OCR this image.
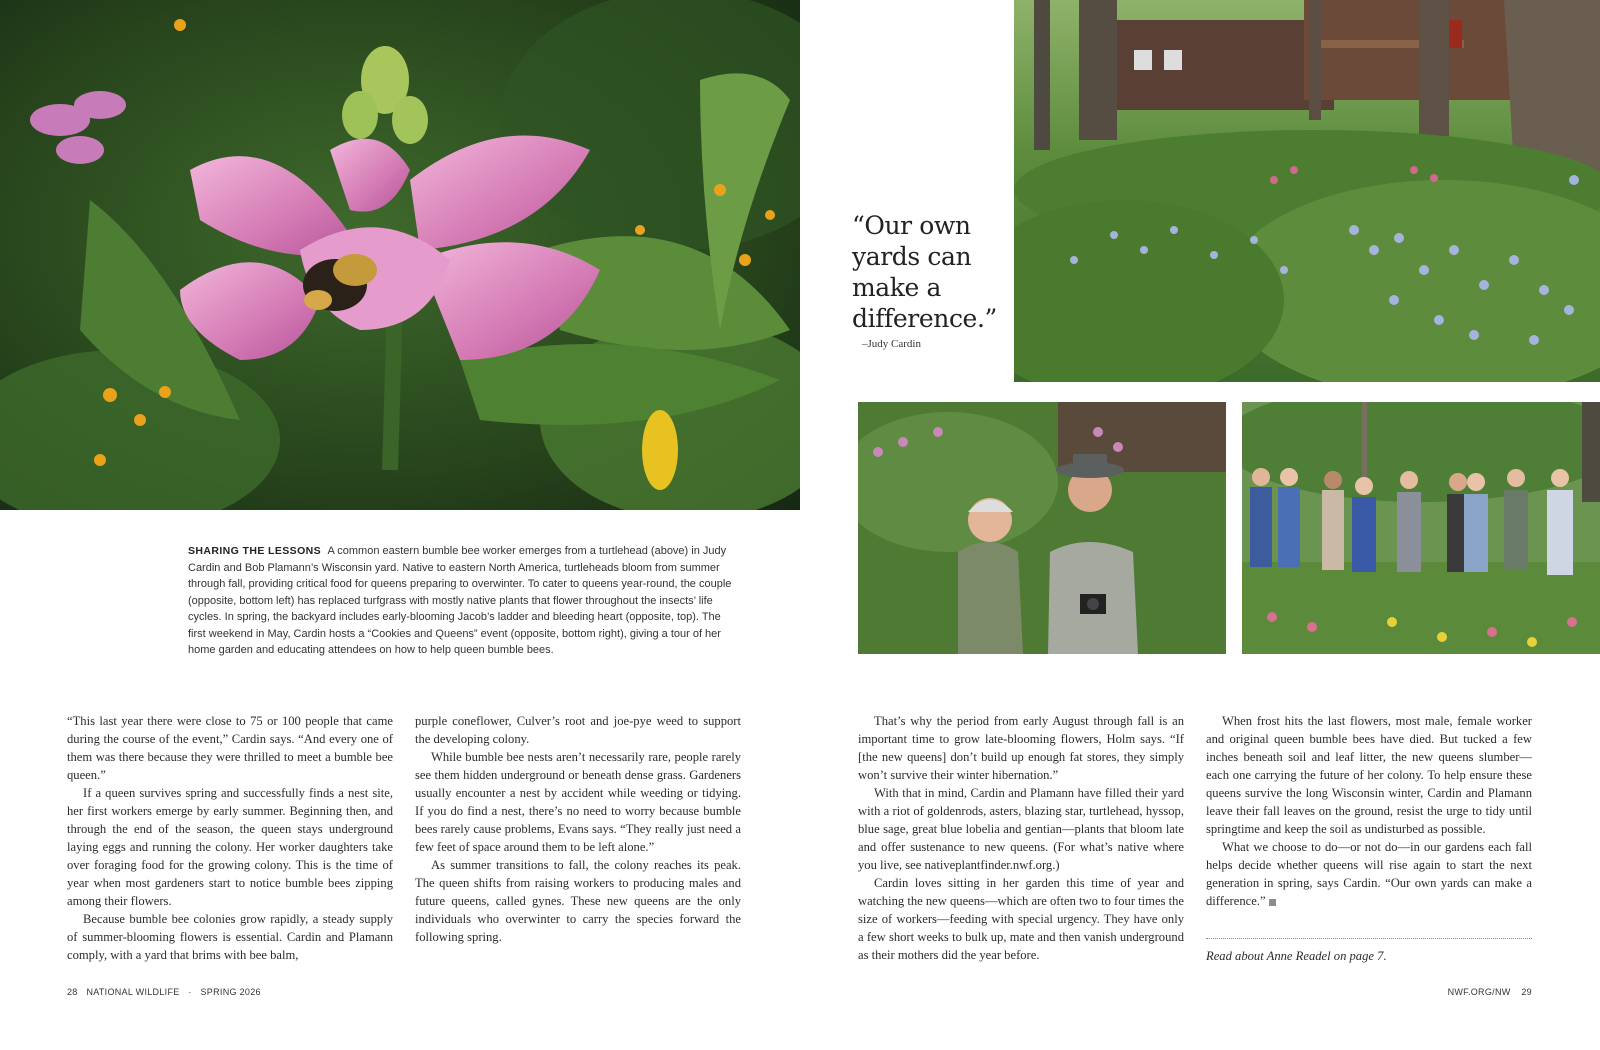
“Our own yards can make a difference.”
–Judy Cardin
SHARING THE LESSONS A common eastern bumble bee worker emerges from a turtlehead (above) in Judy Cardin and Bob Plamann’s Wisconsin yard. Native to eastern North America, turtleheads bloom from summer through fall, providing critical food for queens preparing to overwinter. To cater to queens year-round, the couple (opposite, bottom left) has replaced turfgrass with mostly native plants that flower throughout the insects’ life cycles. In spring, the backyard includes early-blooming Jacob’s ladder and bleeding heart (opposite, top). The first weekend in May, Cardin hosts a “Cookies and Queens” event (opposite, bottom right), giving a tour of her home garden and educating attendees on how to help queen bumble bees.

“This last year there were close to 75 or 100 people that came during the course of the event,” Cardin says. “And every one of them was there because they were thrilled to meet a bumble bee queen.”

If a queen survives spring and successfully finds a nest site, her first workers emerge by early summer. Beginning then, and through the end of the season, the queen stays underground laying eggs and running the colony. Her worker daughters take over foraging food for the growing colony. This is the time of year when most gardeners start to notice bumble bees zipping among their flowers.

Because bumble bee colonies grow rapidly, a steady supply of summer-blooming flowers is essential. Cardin and Plamann comply, with a yard that brims with bee balm,

purple coneflower, Culver’s root and joe-pye weed to support the developing colony.

While bumble bee nests aren’t necessarily rare, people rarely see them hidden underground or beneath dense grass. Gardeners usually encounter a nest by accident while weeding or tidying. If you do find a nest, there’s no need to worry because bumble bees rarely cause problems, Evans says. “They really just need a few feet of space around them to be left alone.”

As summer transitions to fall, the colony reaches its peak. The queen shifts from raising workers to producing males and future queens, called gynes. These new queens are the only individuals who overwinter to carry the species forward the following spring.

That’s why the period from early August through fall is an important time to grow late-blooming flowers, Holm says. “If [the new queens] don’t build up enough fat stores, they simply won’t survive their winter hibernation.”

With that in mind, Cardin and Plamann have filled their yard with a riot of goldenrods, asters, blazing star, turtlehead, hyssop, blue sage, great blue lobelia and gentian—plants that bloom late and offer sustenance to new queens. (For what’s native where you live, see nativeplantfinder.nwf.org.)

Cardin loves sitting in her garden this time of year and watching the new queens—which are often two to four times the size of workers—feeding with special urgency. They have only a few short weeks to bulk up, mate and then vanish underground as their mothers did the year before.

When frost hits the last flowers, most male, female worker and original queen bumble bees have died. But tucked a few inches beneath soil and leaf litter, the new queens slumber—each one carrying the future of her colony. To help ensure these queens survive the long Wisconsin winter, Cardin and Plamann leave their fall leaves on the ground, resist the urge to tidy until springtime and keep the soil as undisturbed as possible.

What we choose to do—or not do—in our gardens each fall helps decide whether queens will rise again to start the next generation in spring, says Cardin. “Our own yards can make a difference.”

Read about Anne Readel on page 7.
28 NATIONAL WILDLIFE · SPRING 2026	NWF.ORG/NW 29
